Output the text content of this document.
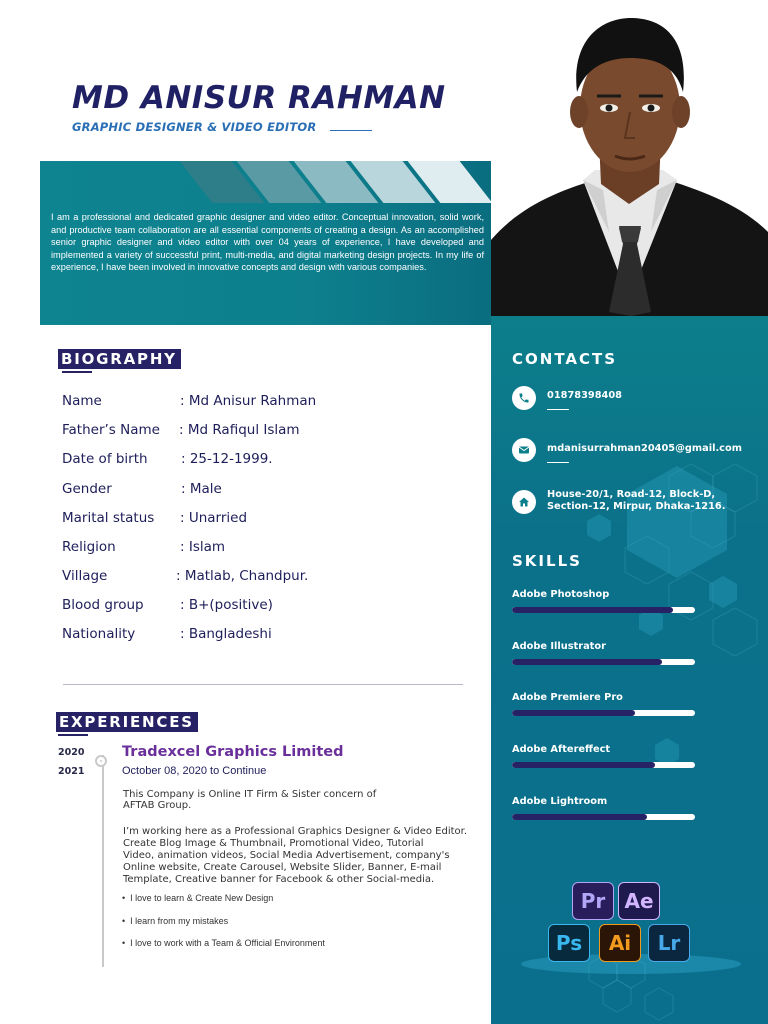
MD ANISUR RAHMAN
GRAPHIC DESIGNER & VIDEO EDITOR
I am a professional and dedicated graphic designer and video editor. Conceptual innovation, solid work, and productive team collaboration are all essential components of creating a design. As an accomplished senior graphic designer and video editor with over 04 years of experience, I have developed and implemented a variety of successful print, multi-media, and digital marketing design projects. In my life of experience, I have been involved in innovative concepts and design with various companies.
CONTACTS
01878398408
mdanisurrahman20405@gmail.com
House-20/1, Road-12, Block-D,
Section-12, Mirpur, Dhaka-1216.
SKILLS
Adobe Photoshop
Adobe Illustrator
Adobe Premiere Pro
Adobe Aftereffect
Adobe Lightroom
Pr Ae
Ps	Ai	Lr
BIOGRAPHY
Name	: Md Anisur Rahman
Father’s Name : Md Rafiqul Islam
Date of birth : 25-12-1999.
Gender	: Male
Marital status : Unarried
Religion	: Islam
Village	: Matlab, Chandpur.
Blood group	: B+(positive)
Nationality	: Bangladeshi
EXPERIENCES
2020
2021
Tradexcel Graphics Limited
October 08, 2020 to Continue
This Company is Online IT Firm & Sister concern of
AFTAB Group.
I’m working here as a Professional Graphics Designer & Video Editor.
Create Blog Image & Thumbnail, Promotional Video, Tutorial
Video, animation videos, Social Media Advertisement, company's
Online website, Create Carousel, Website Slider, Banner, E-mail
Template, Creative banner for Facebook & other Social-media.
•  I love to learn & Create New Design
•  I learn from my mistakes
•  I love to work with a Team & Official Environment
